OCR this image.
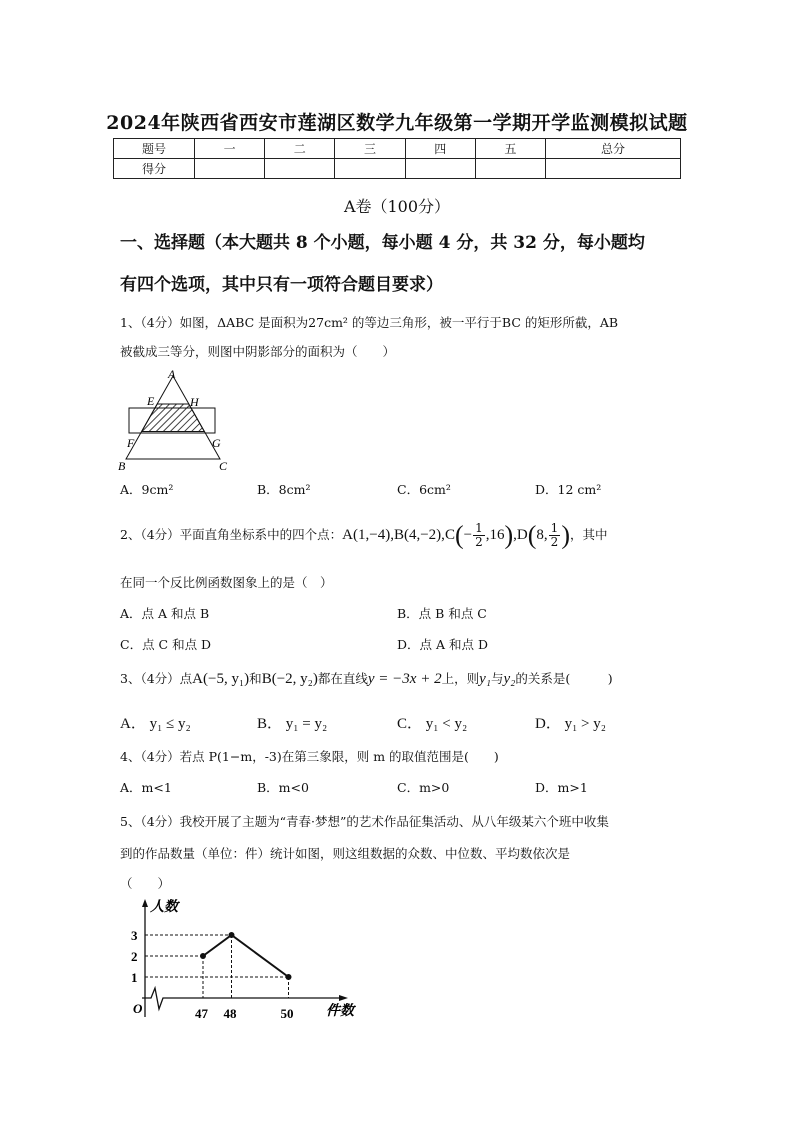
2024年陕西省西安市莲湖区数学九年级第一学期开学监测模拟试题
题号	一	二	三	四	五	总分
得分						
A卷（100分）
一、选择题（本大题共 8 个小题，每小题 4 分，共 32 分，每小题均
有四个选项，其中只有一项符合题目要求）
1、（4分）如图，ΔABC 是面积为27cm² 的等边三角形，被一平行于BC 的矩形所截，AB
被截成三等分，则图中阴影部分的面积为（　　）
A
E	H
F	G
B	C
A．9cm²	B．8cm²	C．6cm²	D．12 cm²
2、（4分）平面直角坐标系中的四个点：$A(1,-4),B(4,-2),C(- \frac{1}{2} ,16),D(8$, $\frac{1}{2}$ )，其中
在同一个反比例函数图象上的是（　）
A．点 A 和点 B	B．点 B 和点 C
C．点 C 和点 D	D．点 A 和点 D
3、（4分）点A(−5, y₁)和B(−2, y₂)都在直线y = −3x + 2上，则y₁与y₂的关系是(　　　)
A． y₁ ≤ y₂	B． y₁ = y₂	C． y₁ < y₂	D． y₁ > y₂
4、（4分）若点 P(1−m，-3)在第三象限，则 m 的取值范围是(　　)
A．m<1	B．m<0	C．m>0	D．m>1
5、（4分）我校开展了主题为“青春·梦想”的艺术作品征集活动、从八年级某六个班中收集
到的作品数量（单位：件）统计如图，则这组数据的众数、中位数、平均数依次是
（　　）
1
2
3
47 48	50
人数
件数
O
